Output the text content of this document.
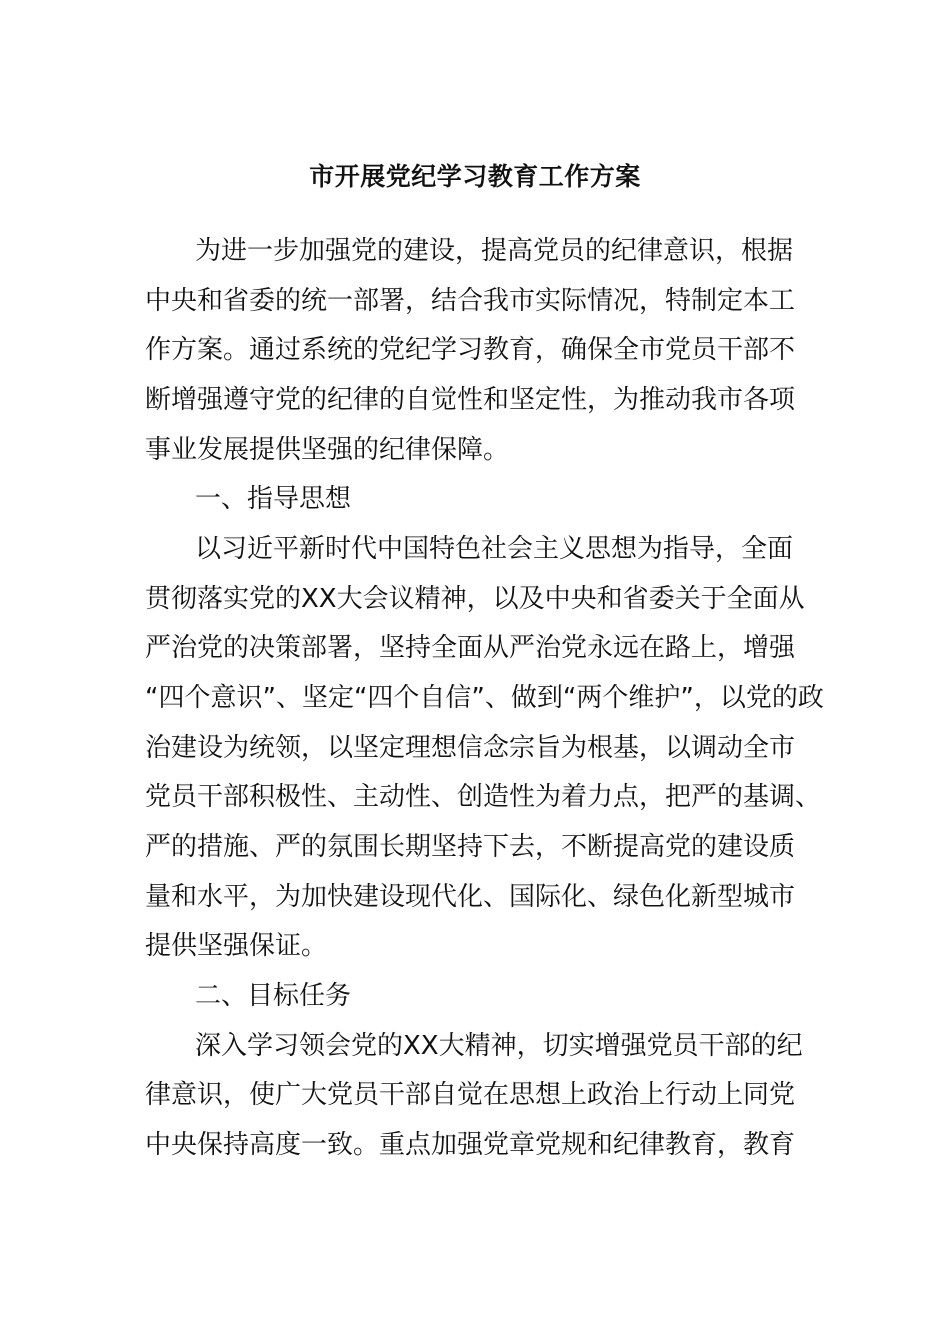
市开展党纪学习教育工作方案

为进一步加强党的建设，提高党员的纪律意识，根据

中央和省委的统一部署，结合我市实际情况，特制定本工

作方案。通过系统的党纪学习教育，确保全市党员干部不

断增强遵守党的纪律的自觉性和坚定性，为推动我市各项

事业发展提供坚强的纪律保障。

一、指导思想

以习近平新时代中国特色社会主义思想为指导，全面

贯彻落实党的XX大会议精神，以及中央和省委关于全面从

严治党的决策部署，坚持全面从严治党永远在路上，增强

“四个意识”、坚定“四个自信”、做到“两个维护”，以党的政

治建设为统领，以坚定理想信念宗旨为根基，以调动全市

党员干部积极性、主动性、创造性为着力点，把严的基调、

严的措施、严的氛围长期坚持下去，不断提高党的建设质

量和水平，为加快建设现代化、国际化、绿色化新型城市

提供坚强保证。

二、目标任务

深入学习领会党的XX大精神，切实增强党员干部的纪

律意识，使广大党员干部自觉在思想上政治上行动上同党

中央保持高度一致。重点加强党章党规和纪律教育，教育
